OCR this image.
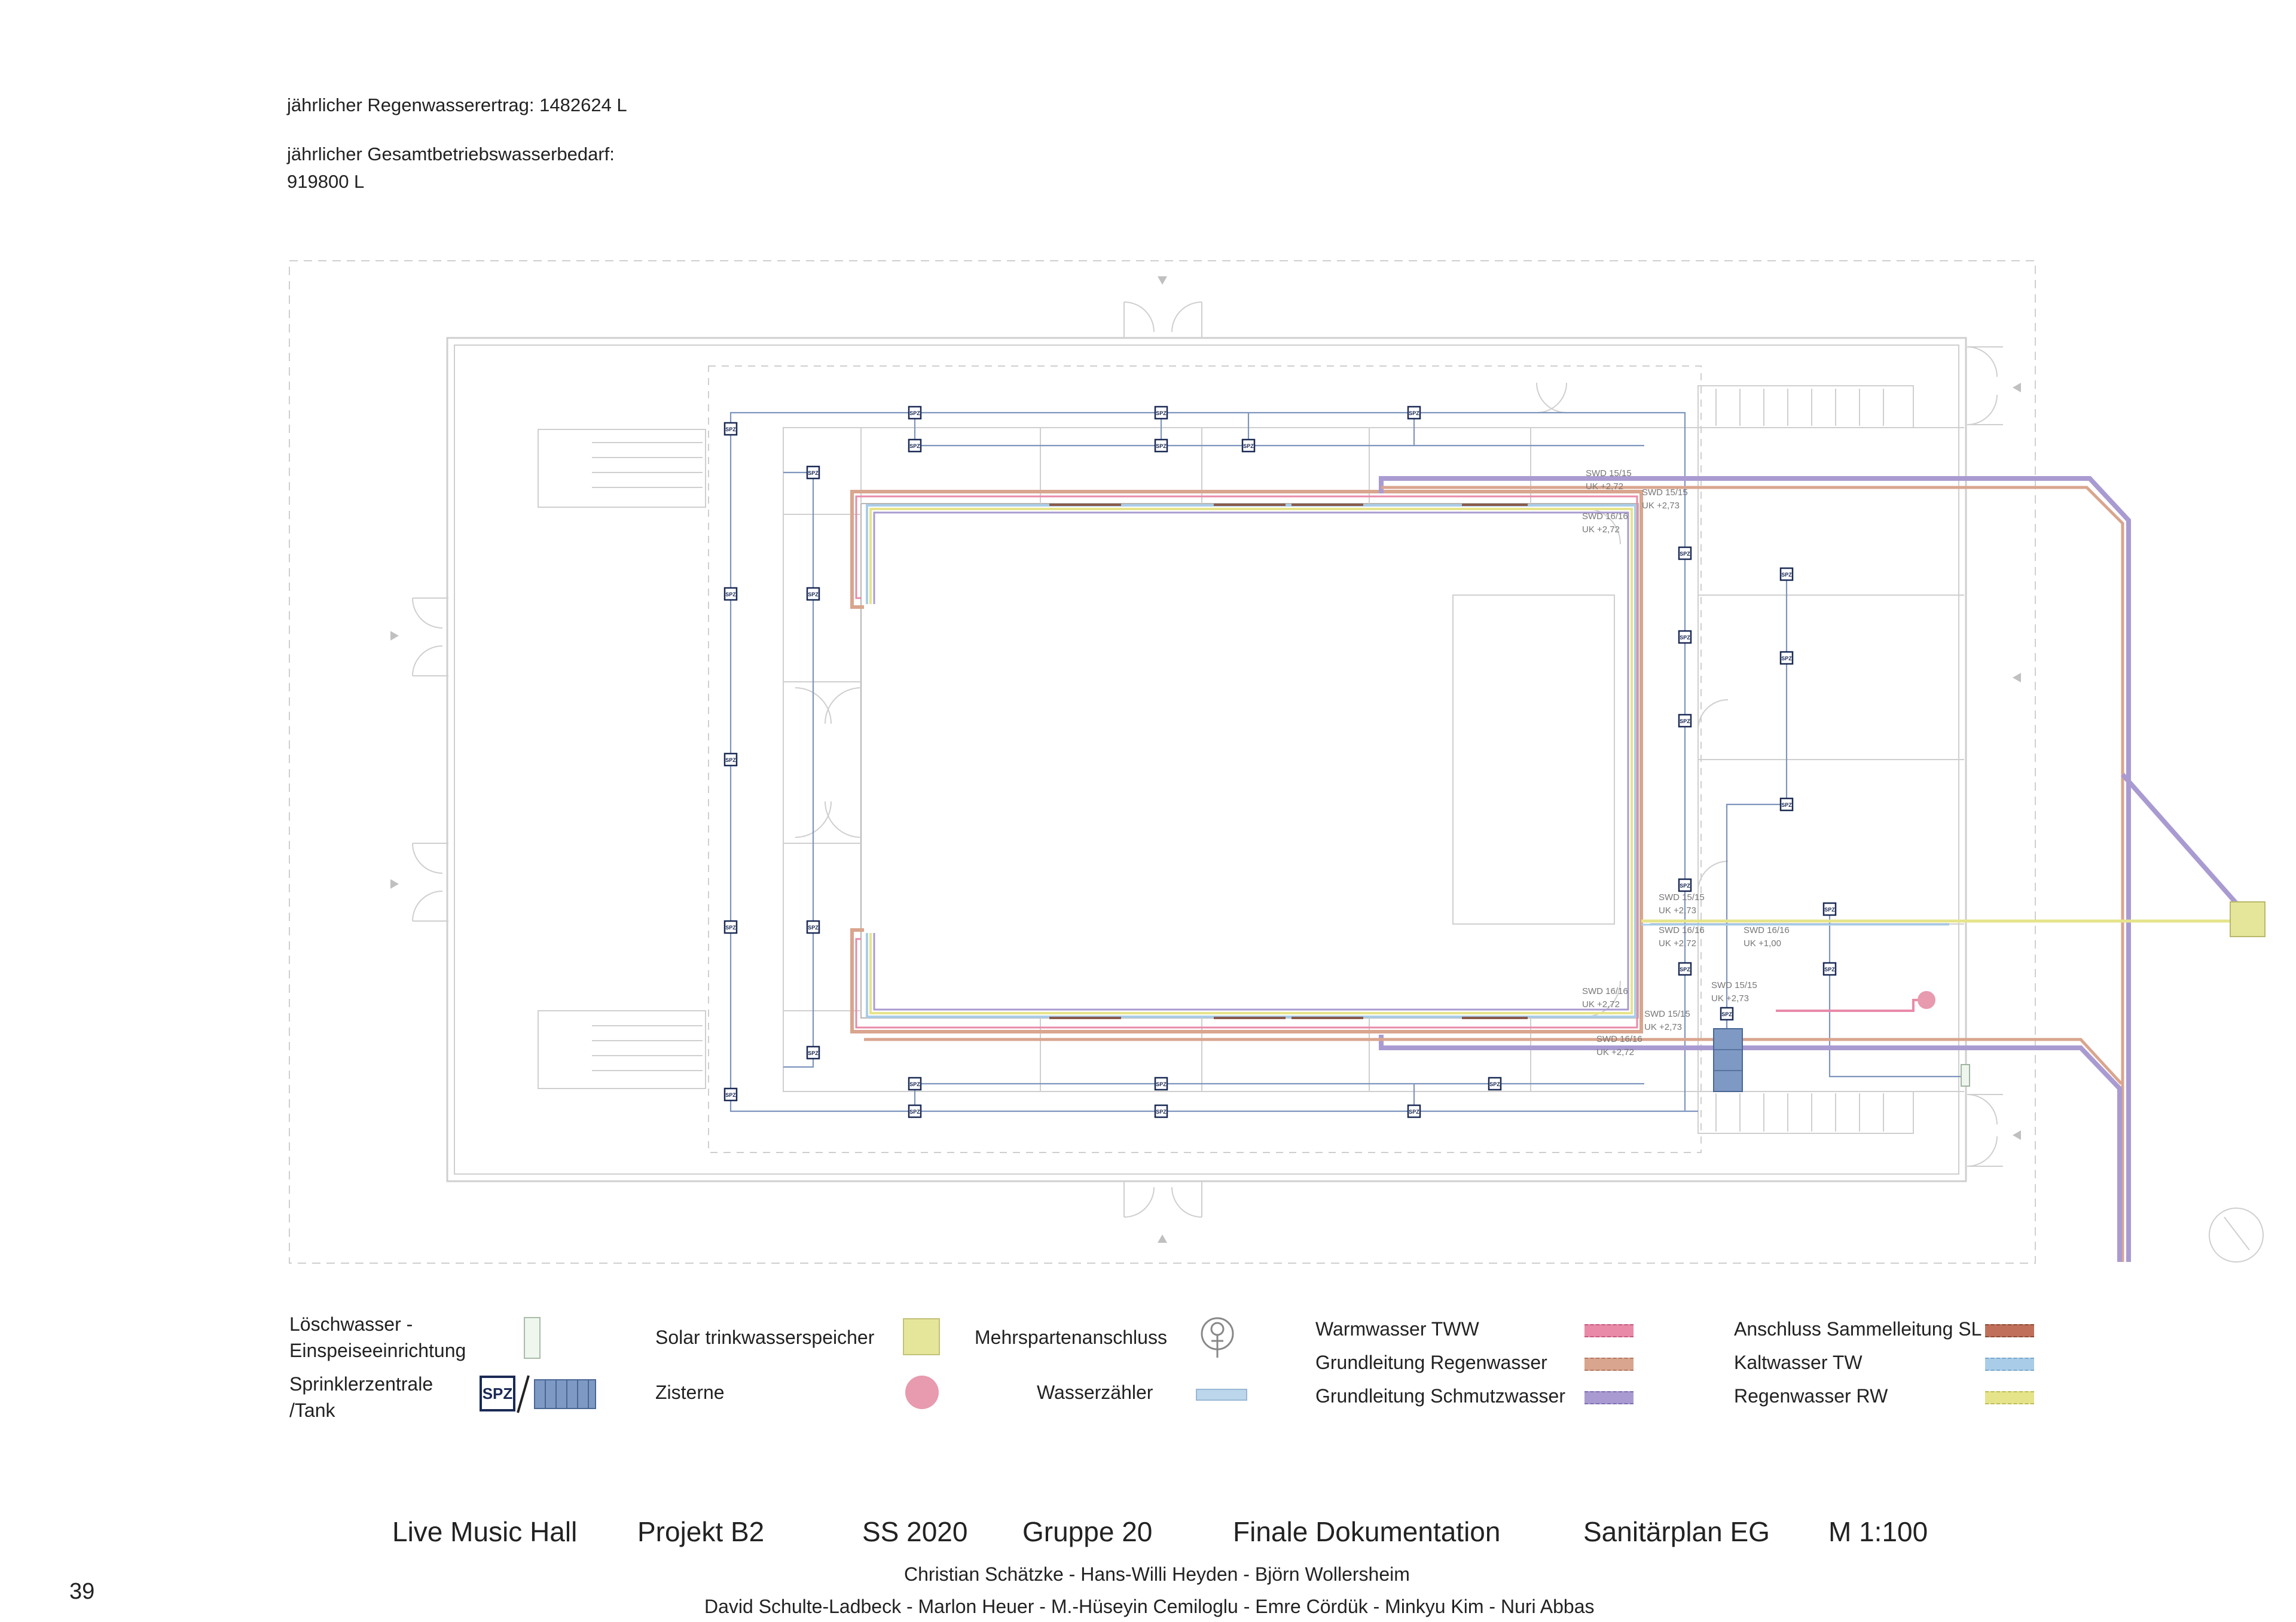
jährlicher Regenwasserertrag: 1482624 L
jährlicher Gesamtbetriebswasserbedarf:
919800 L
SPZ
SPZ
SPZ
SPZ
SPZ	SPZ
SPZ
SPZ
SPZ	SPZ
SPZ
SPZ	SPZ
SPZ
SPZ
SPZ
SPZ
SPZ
SPZ	SPZ
SPZ
SPZ
SPZ
SPZ
SPZ
SPZ
SPZ
SPZ
SPZ
SPZ	SPZ
SPZ
SWD 15/15
UK +2,72
SWD 15/15
UK +2,73
SWD 16/16
UK +2,72
SWD 15/15
UK +2,73
SWD 16/16
UK +2,72
SWD 16/16
UK +1,00
SWD 16/16
UK +2,72
SWD 15/15
UK +2,73
SWD 15/15
UK +2,73
SWD 16/16
UK +2,72
Löschwasser -
Einspeiseeinrichtung
Sprinklerzentrale
/Tank
SPZ
Solar trinkwasserspeicher
Zisterne
Mehrspartenanschluss
Wasserzähler
Warmwasser TWW
Grundleitung Regenwasser
Grundleitung Schmutzwasser
Anschluss Sammelleitung SL
Kaltwasser TW
Regenwasser RW
Live Music Hall Projekt B2	SS 2020 Gruppe 20	Finale Dokumentation	Sanitärplan EG M 1:100
Christian Schätzke - Hans-Willi Heyden - Björn Wollersheim
David Schulte-Ladbeck - Marlon Heuer - M.-Hüseyin Cemiloglu - Emre Cördük - Minkyu Kim - Nuri Abbas
39
